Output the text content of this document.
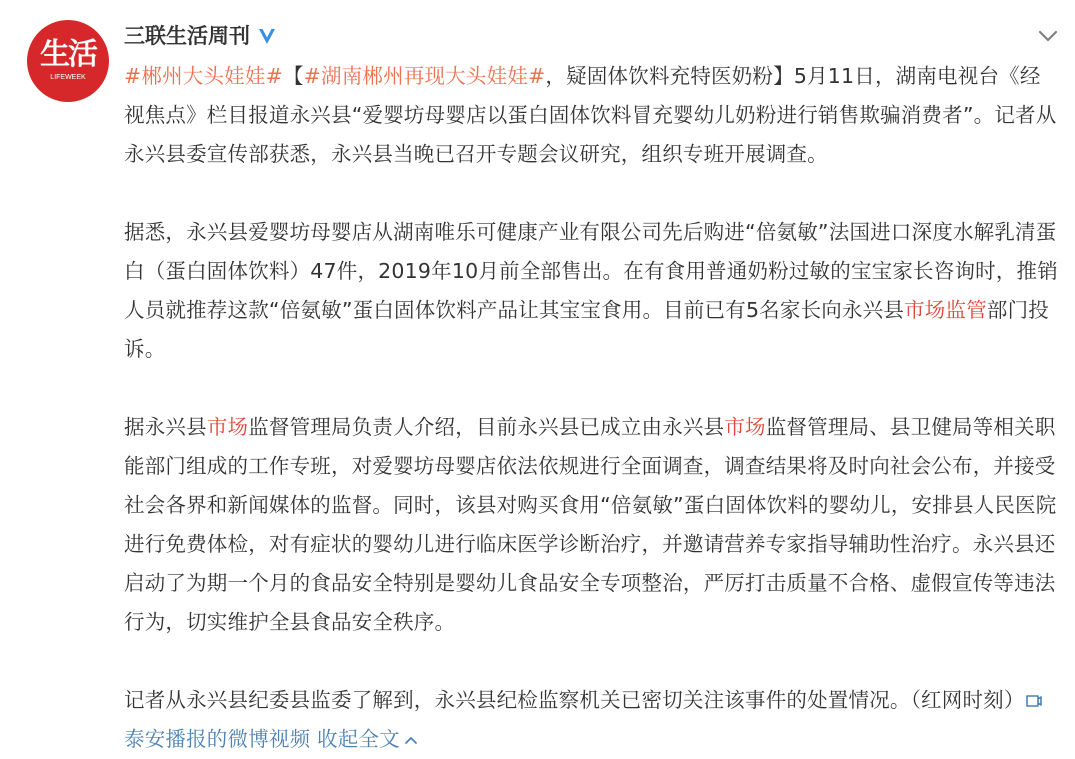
生活
LIFEWEEK
三联生活周刊

#郴州大头娃娃#【#湖南郴州再现大头娃娃#，疑固体饮料充特医奶粉】5月11日，湖南电视台《经视焦点》栏目报道永兴县“爱婴坊母婴店以蛋白固体饮料冒充婴幼儿奶粉进行销售欺骗消费者”。记者从永兴县委宣传部获悉，永兴县当晚已召开专题会议研究，组织专班开展调查。

据悉，永兴县爱婴坊母婴店从湖南唯乐可健康产业有限公司先后购进“倍氨敏”法国进口深度水解乳清蛋白（蛋白固体饮料）47件，2019年10月前全部售出。在有食用普通奶粉过敏的宝宝家长咨询时，推销人员就推荐这款“倍氨敏”蛋白固体饮料产品让其宝宝食用。目前已有5名家长向永兴县市场监管部门投诉。

据永兴县市场监督管理局负责人介绍，目前永兴县已成立由永兴县市场监督管理局、县卫健局等相关职能部门组成的工作专班，对爱婴坊母婴店依法依规进行全面调查，调查结果将及时向社会公布，并接受社会各界和新闻媒体的监督。同时，该县对购买食用“倍氨敏”蛋白固体饮料的婴幼儿，安排县人民医院进行免费体检，对有症状的婴幼儿进行临床医学诊断治疗，并邀请营养专家指导辅助性治疗。永兴县还启动了为期一个月的食品安全特别是婴幼儿食品安全专项整治，严厉打击质量不合格、虚假宣传等违法行为，切实维护全县食品安全秩序。

记者从永兴县纪委县监委了解到，永兴县纪检监察机关已密切关注该事件的处置情况。（红网时刻）泰安播报的微博视频 收起全文
